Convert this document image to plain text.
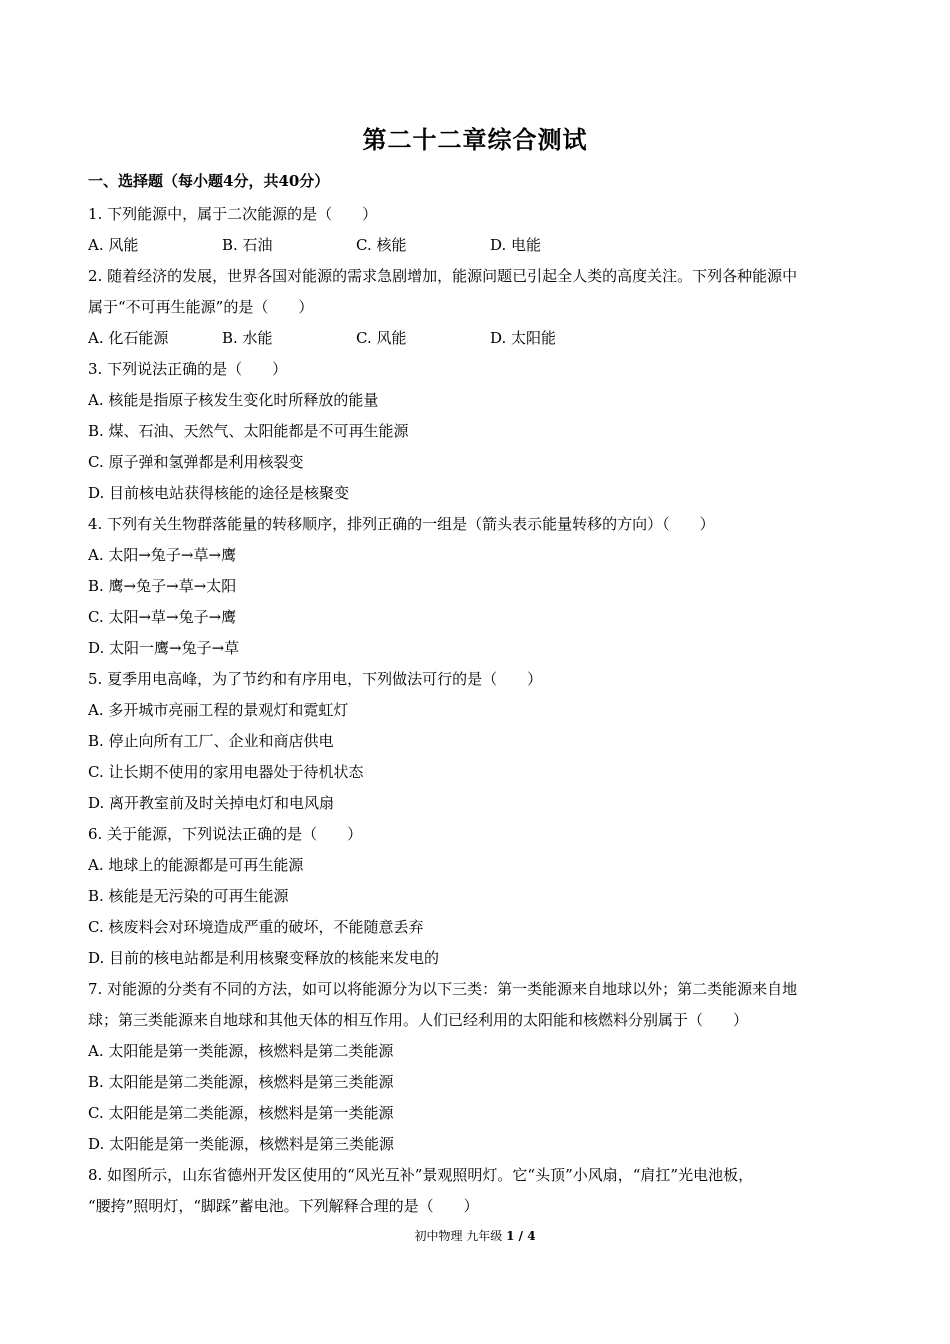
第二十二章综合测试
一、选择题（每小题4分，共40分）
1. 下列能源中，属于二次能源的是（　　）
A. 风能	B. 石油	C. 核能	D. 电能
2. 随着经济的发展，世界各国对能源的需求急剧增加，能源问题已引起全人类的高度关注。下列各种能源中
属于“不可再生能源”的是（　　）
A. 化石能源	B. 水能	C. 风能	D. 太阳能
3. 下列说法正确的是（　　）
A. 核能是指原子核发生变化时所释放的能量
B. 煤、石油、天然气、太阳能都是不可再生能源
C. 原子弹和氢弹都是利用核裂变
D. 目前核电站获得核能的途径是核聚变
4. 下列有关生物群落能量的转移顺序，排列正确的一组是（箭头表示能量转移的方向）（　　）
A. 太阳→兔子→草→鹰
B. 鹰→兔子→草→太阳
C. 太阳→草→兔子→鹰
D. 太阳一鹰→兔子→草
5. 夏季用电高峰，为了节约和有序用电，下列做法可行的是（　　）
A. 多开城市亮丽工程的景观灯和霓虹灯
B. 停止向所有工厂、企业和商店供电
C. 让长期不使用的家用电器处于待机状态
D. 离开教室前及时关掉电灯和电风扇
6. 关于能源，下列说法正确的是（　　）
A. 地球上的能源都是可再生能源
B. 核能是无污染的可再生能源
C. 核废料会对环境造成严重的破坏，不能随意丢弃
D. 目前的核电站都是利用核聚变释放的核能来发电的
7. 对能源的分类有不同的方法，如可以将能源分为以下三类：第一类能源来自地球以外；第二类能源来自地
球；第三类能源来自地球和其他天体的相互作用。人们已经利用的太阳能和核燃料分别属于（　　）
A. 太阳能是第一类能源，核燃料是第二类能源
B. 太阳能是第二类能源，核燃料是第三类能源
C. 太阳能是第二类能源，核燃料是第一类能源
D. 太阳能是第一类能源，核燃料是第三类能源
8. 如图所示，山东省德州开发区使用的“风光互补”景观照明灯。它“头顶”小风扇，“肩扛”光电池板，
“腰挎”照明灯，“脚踩”蓄电池。下列解释合理的是（　　）
初中物理 九年级 1 / 4
